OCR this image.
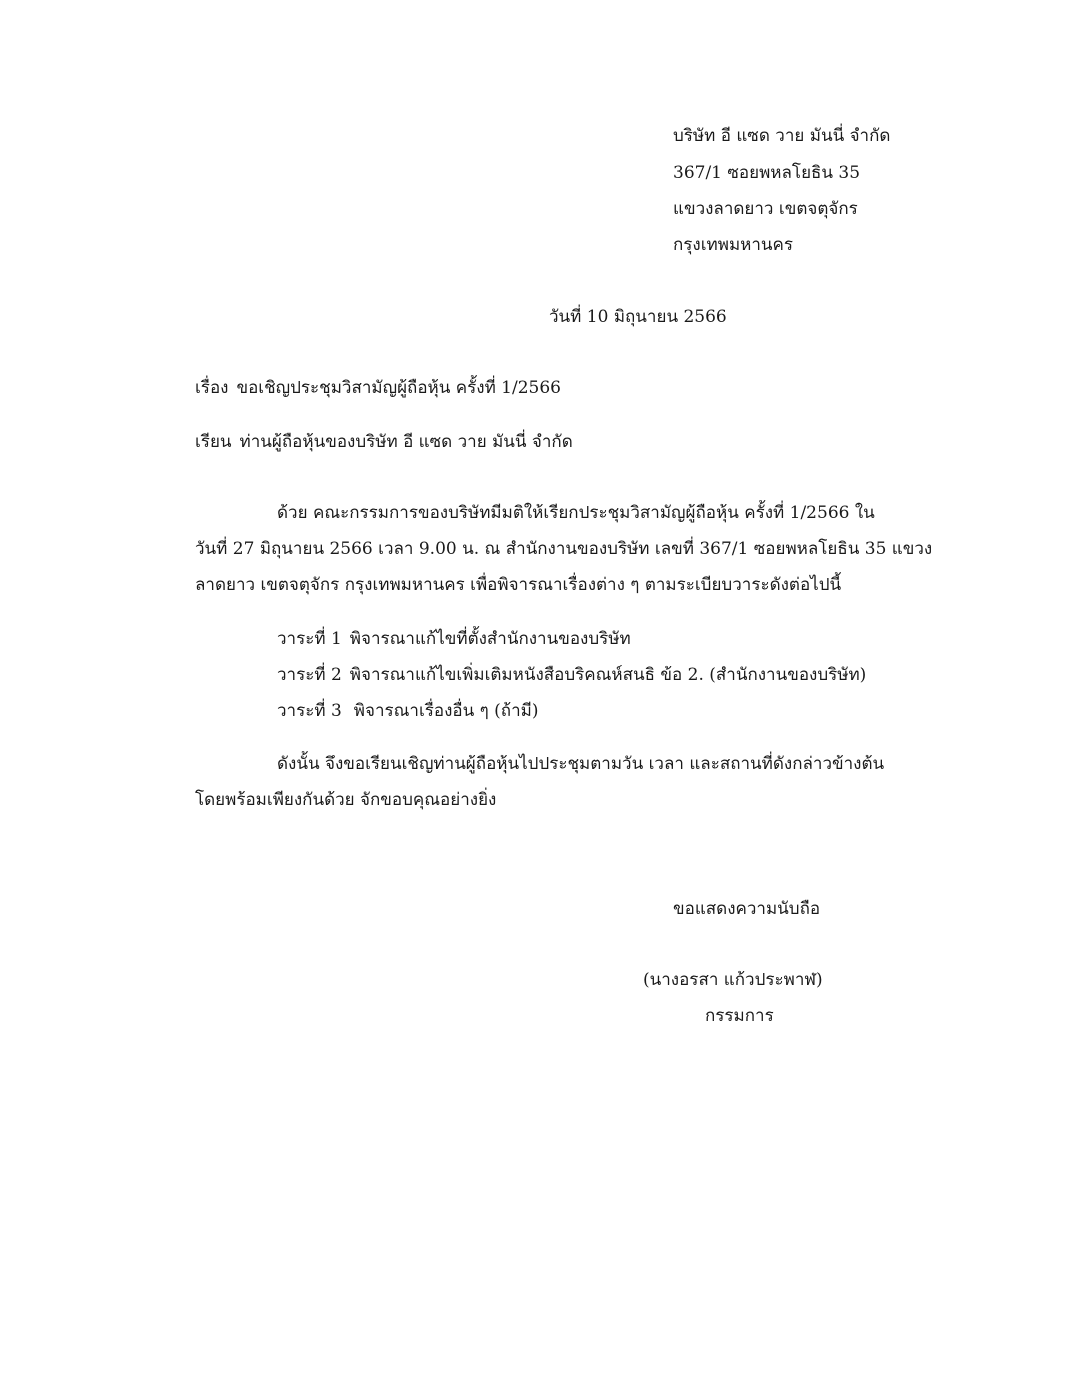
บริษัท อี แซด วาย มันนี่ จำกัด
367/1 ซอยพหลโยธิน 35
แขวงลาดยาว เขตจตุจักร
กรุงเทพมหานคร
วันที่ 10 มิถุนายน 2566
เรื่อง ขอเชิญประชุมวิสามัญผู้ถือหุ้น ครั้งที่ 1/2566
เรียน ท่านผู้ถือหุ้นของบริษัท อี แซด วาย มันนี่ จำกัด
ด้วย คณะกรรมการของบริษัทมีมติให้เรียกประชุมวิสามัญผู้ถือหุ้น ครั้งที่ 1/2566 ใน
วันที่ 27 มิถุนายน 2566 เวลา 9.00 น. ณ สำนักงานของบริษัท เลขที่ 367/1 ซอยพหลโยธิน 35 แขวง
ลาดยาว เขตจตุจักร กรุงเทพมหานคร เพื่อพิจารณาเรื่องต่าง ๆ ตามระเบียบวาระดังต่อไปนี้
วาระที่ 1 พิจารณาแก้ไขที่ตั้งสำนักงานของบริษัท
วาระที่ 2 พิจารณาแก้ไขเพิ่มเติมหนังสือบริคณห์สนธิ ข้อ 2. (สำนักงานของบริษัท)
วาระที่ 3 พิจารณาเรื่องอื่น ๆ (ถ้ามี)
ดังนั้น จึงขอเรียนเชิญท่านผู้ถือหุ้นไปประชุมตามวัน เวลา และสถานที่ดังกล่าวข้างต้น
โดยพร้อมเพียงกันด้วย จักขอบคุณอย่างยิ่ง
ขอแสดงความนับถือ
(นางอรสา แก้วประพาฬ)
กรรมการ
